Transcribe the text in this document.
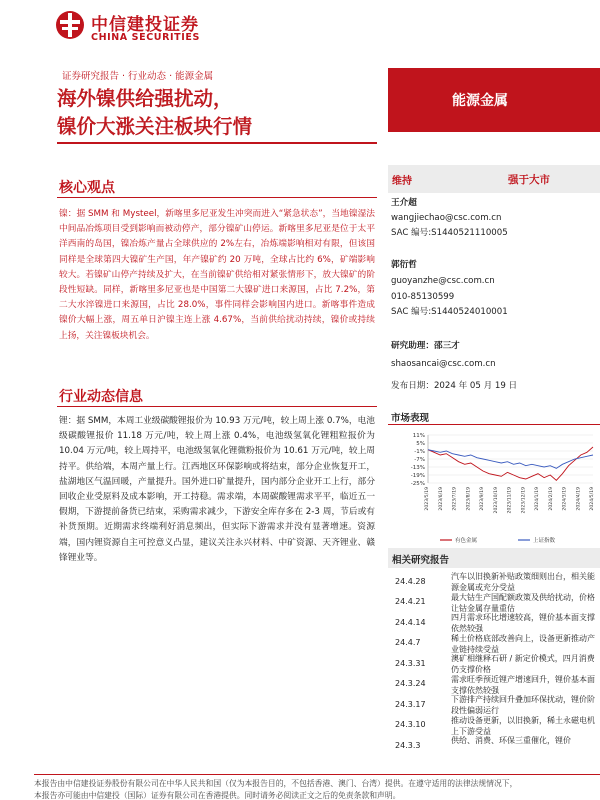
中信建投证券
CHINA SECURITIES
证券研究报告 · 行业动态 · 能源金属
海外镍供给强扰动，
镍价大涨关注板块行情
能源金属
核心观点
镍：据 SMM 和 Mysteel，新喀里多尼亚发生冲突而进入“紧急状态”，当地镍湿法中间品冶炼项目受到影响而被动停产，部分镍矿山停运。新喀里多尼亚是位于太平洋西南的岛国，镍冶炼产量占全球供应的 2%左右，冶炼端影响相对有限，但该国同样是全球第四大镍矿生产国，年产镍矿约 20 万吨，全球占比约 6%，矿端影响较大。若镍矿山停产持续及扩大，在当前镍矿供给相对紧张情形下，放大镍矿的阶段性短缺。同样，新喀里多尼亚也是中国第二大镍矿进口来源国，占比 7.2%，第二大水淬镍进口来源国，占比 28.0%，事件同样会影响国内进口。新喀事件造成镍价大幅上涨，周五单日沪镍主连上涨 4.67%，当前供给扰动持续，镍价或持续上扬，关注镍板块机会。
行业动态信息
锂：据 SMM，本周工业级碳酸锂报价为 10.93 万元/吨，较上周上涨 0.7%，电池级碳酸锂报价 11.18 万元/吨，较上周上涨 0.4%，电池级氢氧化锂粗粒报价为 10.04 万元/吨，较上周持平，电池级氢氧化锂微粉报价为 10.61 万元/吨，较上周持平。供给端，本周产量上行。江西地区环保影响或将结束，部分企业恢复开工，盐湖地区气温回暖，产量提升。国外进口矿量提升，国内部分企业开工上行，部分回收企业受原料及成本影响，开工持稳。需求端，本周碳酸锂需求平平，临近五一假期，下游提前备货已结束，采购需求减少，下游安全库存多在 2-3 周，节后或有补货预期。近期需求终端利好消息频出，但实际下游需求并没有显著增速。资源端，国内锂资源自主可控意义凸显，建议关注永兴材料、中矿资源、天齐锂业、赣锋锂业等。
维持	强于大市
王介超
wangjiechao@csc.com.cn
SAC 编号:S1440521110005
郭衍哲
guoyanzhe@csc.com.cn
010-85130599
SAC 编号:S1440524010001
研究助理：邵三才
shaosancai@csc.com.cn
发布日期：2024 年 05 月 19 日
市场表现
11%
5%
-1%
-7%
-13%
-19%
-25%
2023/5/19 2023/6/19 2023/7/19 2023/8/19 2023/9/19 2023/10/19 2023/11/19 2023/12/19 2024/1/19 2024/2/19 2024/3/19 2024/4/19 2024/5/19
有色金属	上证指数
相关研究报告
24.4.28
汽车以旧换新补贴政策细则出台，相关能源金属或充分受益
24.4.21
最大钴生产国配额政策及供给扰动，价格让钴金属存量重估
24.4.14
四月需求环比增速较高，锂价基本面支撑依然较强
24.4.7
稀土价格底部改善向上，设备更新推动产业链持续受益
24.3.31
澳矿相继释石研 / 新定价模式，四月消费仍支撑价格
24.3.24
需求旺季预近锂产增速回升，锂价基本面支撑依然较强
24.3.17
下游排产持续回升叠加环保扰动，锂价阶段性偏弱运行
24.3.10
推动设备更新，以旧换新，稀土永磁电机上下游受益
24.3.3
供给、消费、环保三重催化，锂价
本报告由中信建投证券股份有限公司在中华人民共和国（仅为本报告目的，不包括香港、澳门、台湾）提供。在遵守适用的法律法规情况下，
本报告亦可能由中信建投（国际）证券有限公司在香港提供。同时请务必阅读正文之后的免责条款和声明。
